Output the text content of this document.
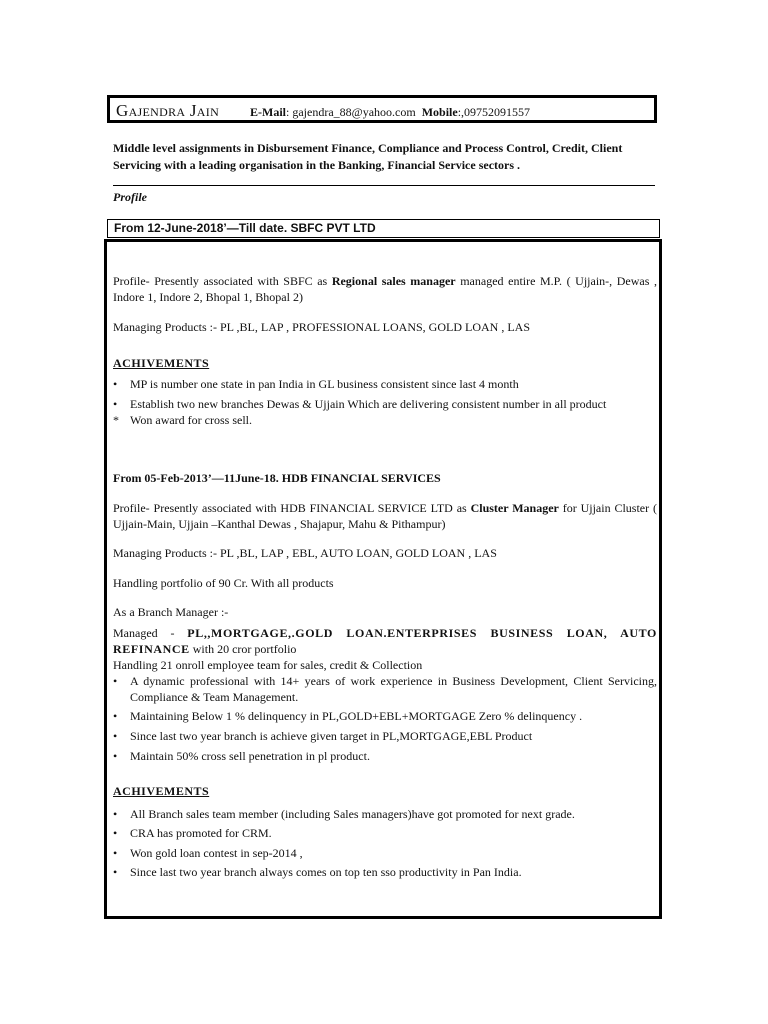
Gajendra Jain	E-Mail: gajendra_88@yahoo.com Mobile:,09752091557
Middle level assignments in Disbursement Finance, Compliance and Process Control, Credit, Client Servicing with a leading organisation in the Banking, Financial Service sectors .
Profile
From 12-June-2018’—Till date. SBFC PVT LTD
Profile- Presently associated with SBFC as Regional sales manager managed entire M.P. ( Ujjain-, Dewas , Indore 1, Indore 2, Bhopal 1, Bhopal 2)
Managing Products :- PL ,BL, LAP , PROFESSIONAL LOANS, GOLD LOAN , LAS
ACHIVEMENTS
•	MP is number one state in pan India in GL business consistent since last 4 month
•	Establish two new branches Dewas & Ujjain Which are delivering consistent number in all product
* Won award for cross sell.
From 05-Feb-2013’—11June-18. HDB FINANCIAL SERVICES
Profile- Presently associated with HDB FINANCIAL SERVICE LTD as Cluster Manager for Ujjain Cluster ( Ujjain-Main, Ujjain –Kanthal Dewas , Shajapur, Mahu & Pithampur)
Managing Products :- PL ,BL, LAP , EBL, AUTO LOAN, GOLD LOAN , LAS
Handling portfolio of 90 Cr. With all products
As a Branch Manager :-
Managed - PL,,MORTGAGE,.GOLD LOAN.ENTERPRISES BUSINESS LOAN, AUTO REFINANCE with 20 cror portfolio
Handling 21 onroll employee team for sales, credit & Collection
•	A dynamic professional with 14+ years of work experience in Business Development, Client Servicing, Compliance & Team Management.
•	Maintaining Below 1 % delinquency in PL,GOLD+EBL+MORTGAGE Zero % delinquency .
•	Since last two year branch is achieve given target in PL,MORTGAGE,EBL Product
•	Maintain 50% cross sell penetration in pl product.
ACHIVEMENTS
•	All Branch sales team member (including Sales managers)have got promoted for next grade.
•	CRA has promoted for CRM.
•	Won gold loan contest in sep-2014 ,
•	Since last two year branch always comes on top ten sso productivity in Pan India.
